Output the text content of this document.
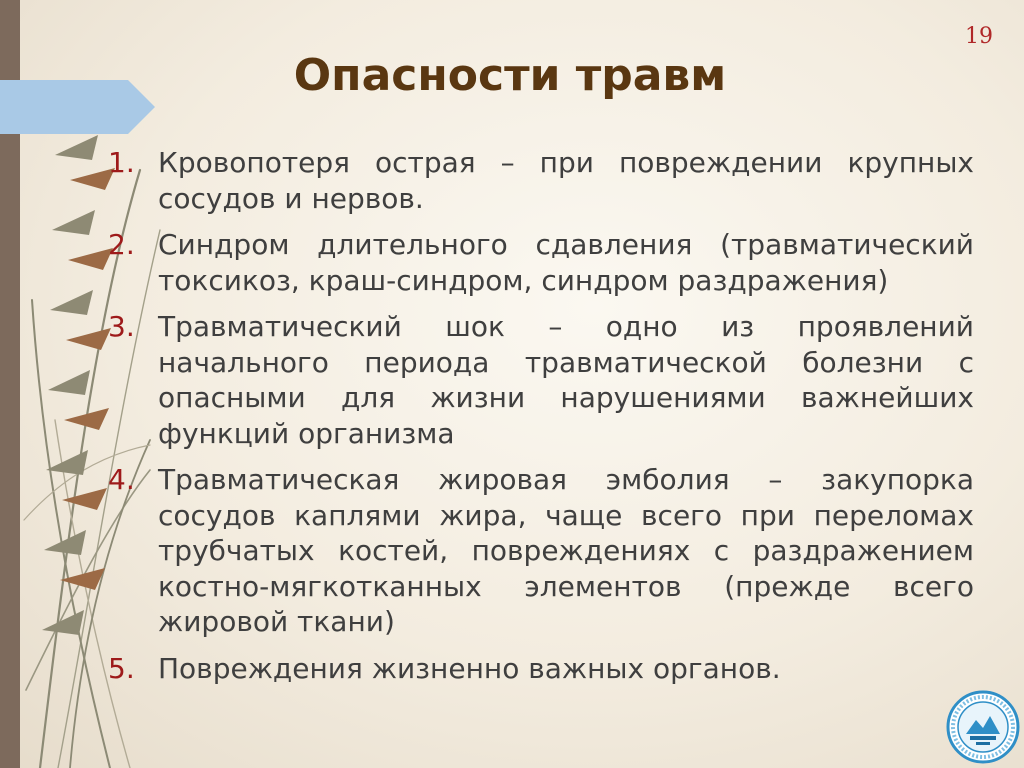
19
Опасности травм
1. Кровопотеря острая – при повреждении крупных сосудов и нервов.
2. Синдром длительного сдавления (травматический токсикоз, краш-синдром, синдром раздражения)
3. Травматический шок – одно из проявлений начального периода травматической болезни с опасными для жизни нарушениями важнейших функций организма
4. Травматическая жировая эмболия – закупорка сосудов каплями жира, чаще всего при переломах трубчатых костей, повреждениях с раздражением костно-мягкотканных элементов (прежде всего жировой ткани)
5. Повреждения жизненно важных органов.
